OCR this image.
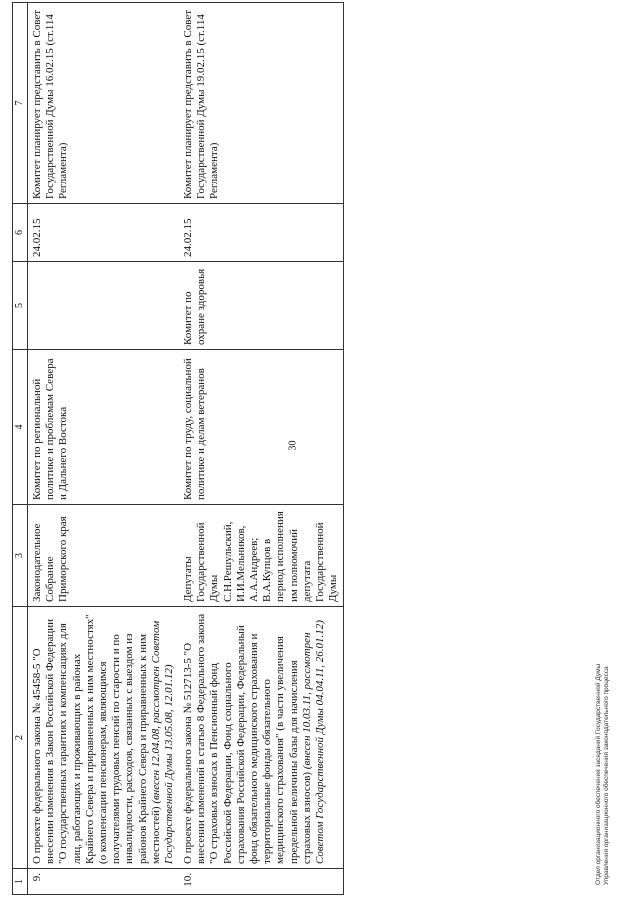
30
1	2	3	4	5	6	7
9.	О проекте федерального закона № 45458-5 "О внесении изменения в Закон Российской Федерации "О государственных гарантиях и компенсациях для лиц, работающих и проживающих в районах Крайнего Севера и приравненных к ним местностях" (о компенсации пенсионерам, являющимся получателями трудовых пенсий по старости и по инвалидности, расходов, связанных с выездом из районов Крайнего Севера и приравненных к ним местностей) (внесен 12.04.08, рассмотрен Советом Государственной Думы 13.05.08, 12.01.12)	Законодательное Собрание Приморского края	Комитет по региональной политике и проблемам Севера и Дальнего Востока		24.02.15	Комитет планирует представить в Совет Государственной Думы 16.02.15 (ст.114 Регламента)
10.	О проекте федерального закона № 512713-5 "О внесении изменений в статью 8 Федерального закона "О страховых взносах в Пенсионный фонд Российской Федерации, Фонд социального страхования Российской Федерации, Федеральный фонд обязательного медицинского страхования и территориальные фонды обязательного медицинского страхования" (в части увеличения предельной величины базы для начисления страховых взносов) (внесен 10.03.11, рассмотрен Советом Государственной Думы 04.04.11, 26.01.12)	Депутаты Государственной Думы С.Н.Решульский, И.И.Мельников, А.А.Андреев; В.А.Купцов в период исполнения им полномочий депутата Государственной Думы	Комитет по труду, социальной политике и делам ветеранов	Комитет по охране здоровья	24.02.15	Комитет планирует представить в Совет Государственной Думы 19.02.15 (ст.114 Регламента)
Отдел организационного обеспечения заседаний Государственной Думы Управления организационного обеспечения законодательного процесса
